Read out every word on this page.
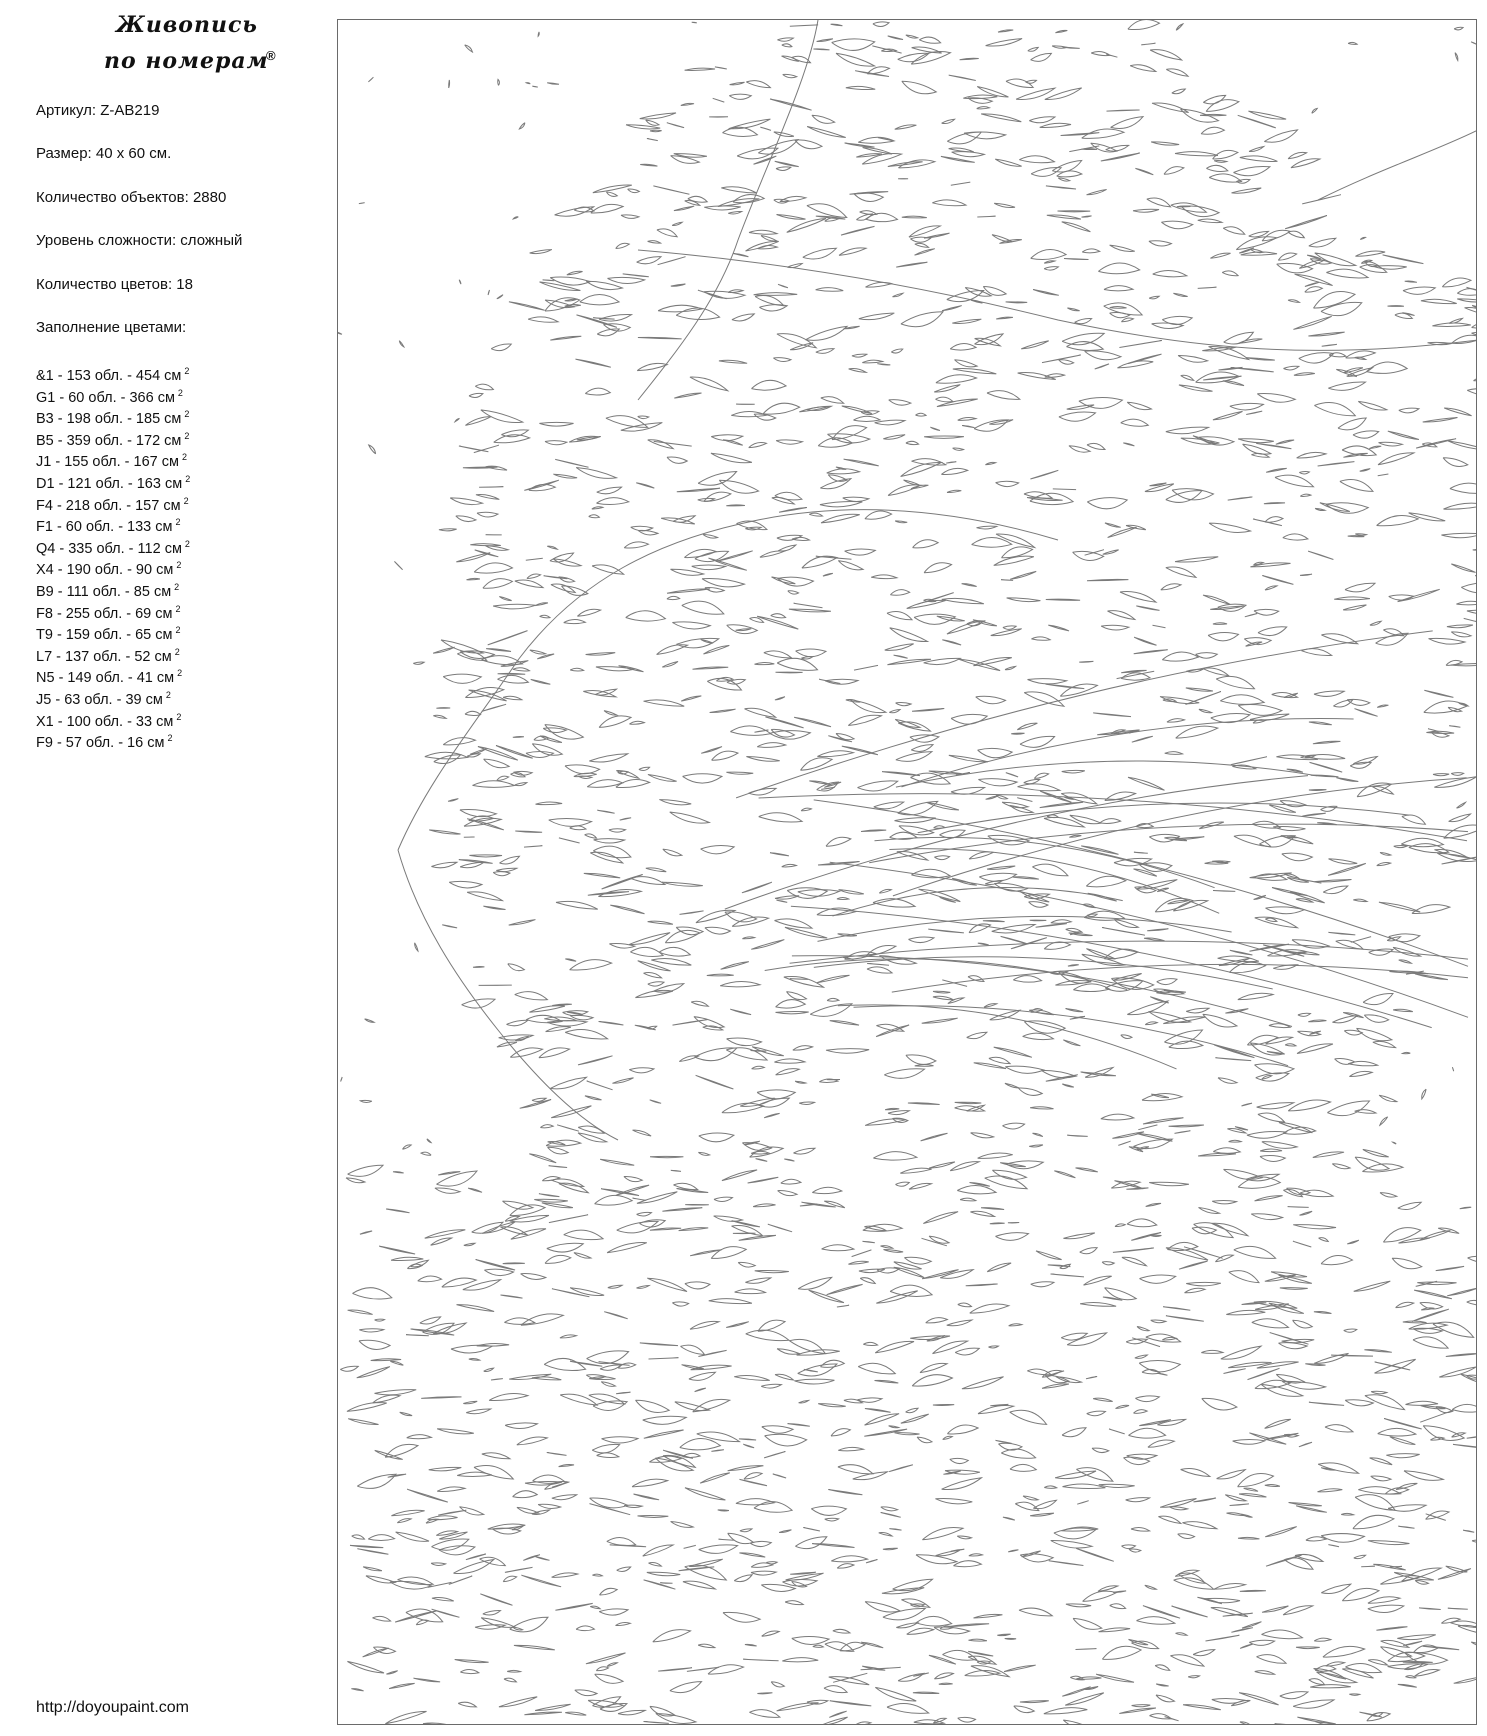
Живопись
по номерам
®
Артикул: Z-AB219
Размер: 40 х 60 см.
Количество объектов: 2880
Уровень сложности: сложный
Количество цветов: 18
Заполнение цветами:
&1 - 153 обл. - 454 см $^2$
G1 - 60 обл. - 366 см $^2$
B3 - 198 обл. - 185 см $^2$
B5 - 359 обл. - 172 см $^2$
J1 - 155 обл. - 167 см $^2$
D1 - 121 обл. - 163 см $^2$
F4 - 218 обл. - 157 см $^2$
F1 - 60 обл. - 133 см $^2$
Q4 - 335 обл. - 112 см $^2$
X4 - 190 обл. - 90 см $^2$
B9 - 111 обл. - 85 см $^2$
F8 - 255 обл. - 69 см $^2$
T9 - 159 обл. - 65 см $^2$
L7 - 137 обл. - 52 см $^2$
N5 - 149 обл. - 41 см $^2$
J5 - 63 обл. - 39 см $^2$
X1 - 100 обл. - 33 см $^2$
F9 - 57 обл. - 16 см $^2$
http://doyoupaint.com
